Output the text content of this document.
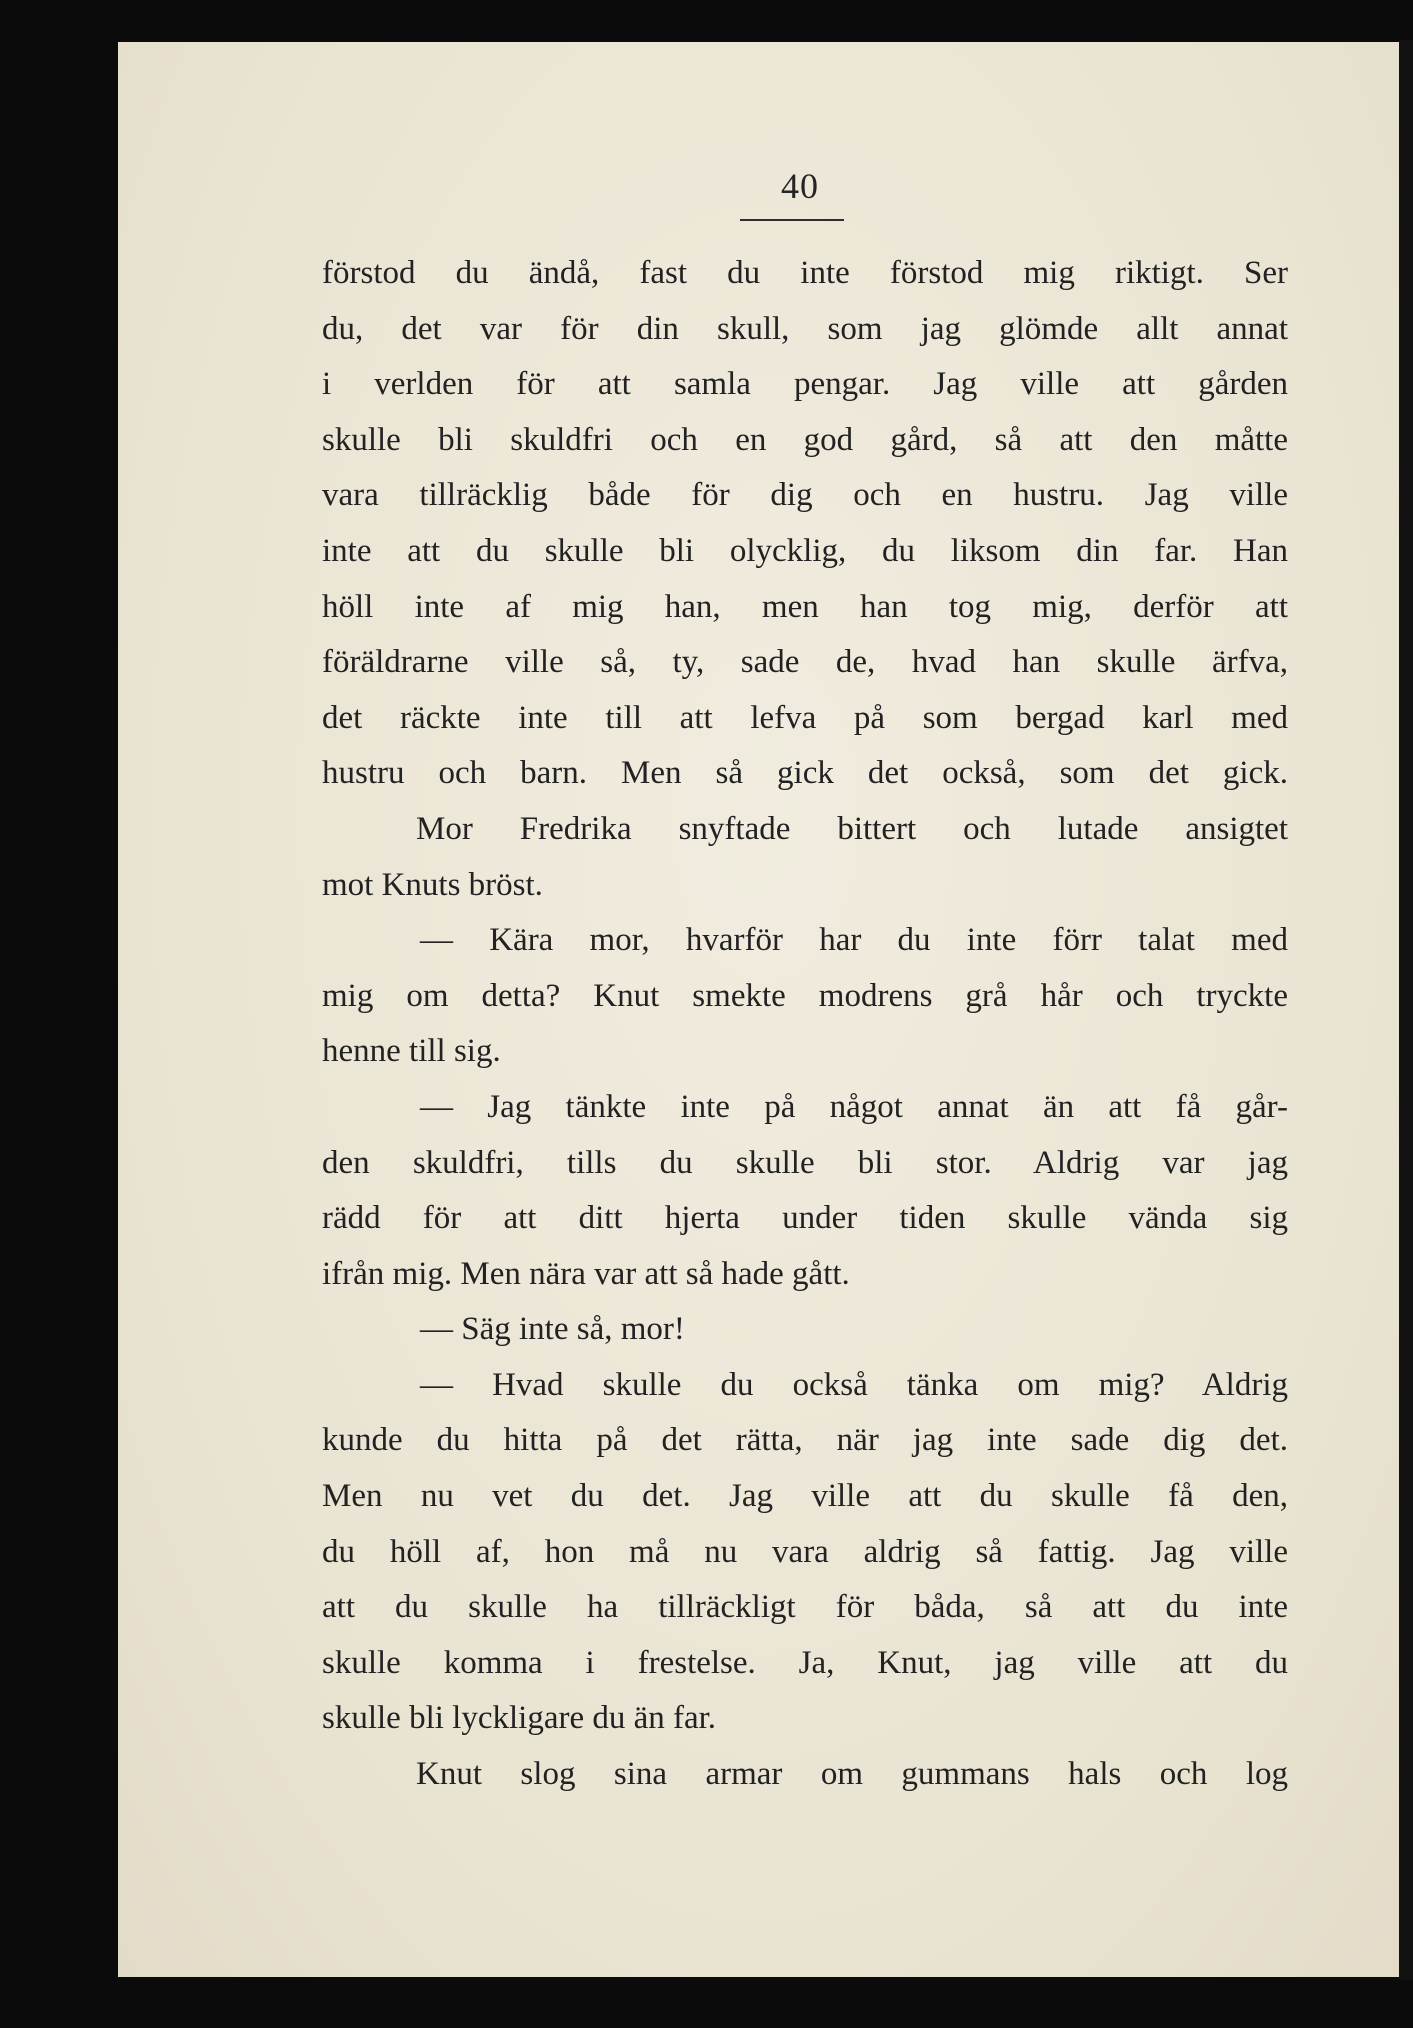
40
förstod du ändå, fast du inte förstod mig riktigt. Ser
du, det var för din skull, som jag glömde allt annat
i verlden för att samla pengar. Jag ville att gården
skulle bli skuldfri och en god gård, så att den måtte
vara tillräcklig både för dig och en hustru. Jag ville
inte att du skulle bli olycklig, du liksom din far. Han
höll inte af mig han, men han tog mig, derför att
föräldrarne ville så, ty, sade de, hvad han skulle ärfva,
det räckte inte till att lefva på som bergad karl med
hustru och barn. Men så gick det också, som det gick.
Mor Fredrika snyftade bittert och lutade ansigtet
mot Knuts bröst.
— Kära mor, hvarför har du inte förr talat med
mig om detta? Knut smekte modrens grå hår och tryckte
henne till sig.
— Jag tänkte inte på något annat än att få går-
den skuldfri, tills du skulle bli stor. Aldrig var jag
rädd för att ditt hjerta under tiden skulle vända sig
ifrån mig. Men nära var att så hade gått.
— Säg inte så, mor!
— Hvad skulle du också tänka om mig? Aldrig
kunde du hitta på det rätta, när jag inte sade dig det.
Men nu vet du det. Jag ville att du skulle få den,
du höll af, hon må nu vara aldrig så fattig. Jag ville
att du skulle ha tillräckligt för båda, så att du inte
skulle komma i frestelse. Ja, Knut, jag ville att du
skulle bli lyckligare du än far.
Knut slog sina armar om gummans hals och log
